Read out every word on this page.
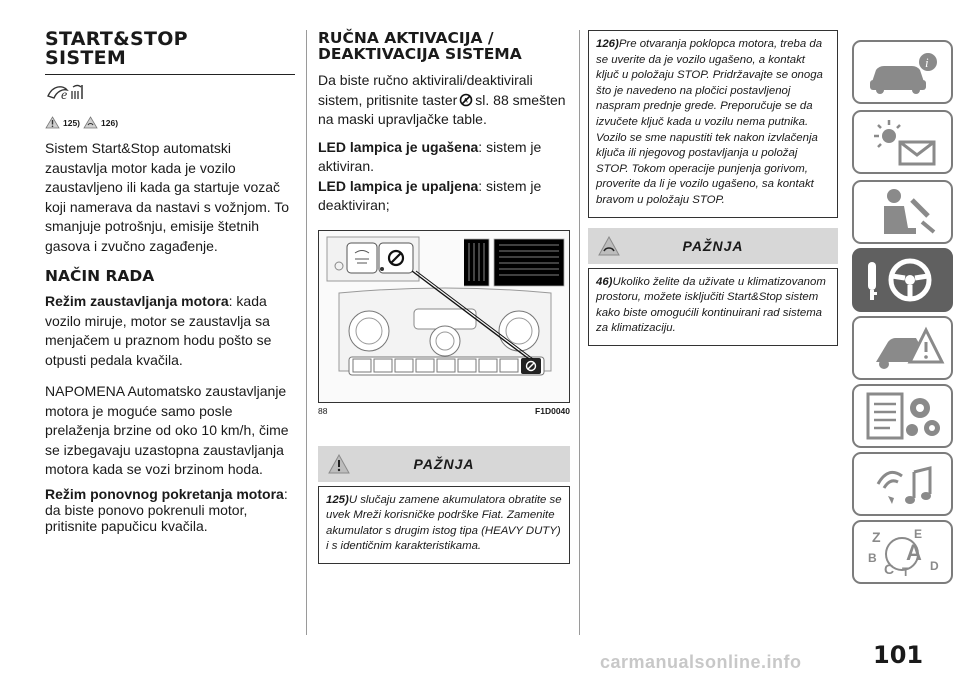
START&STOP
SISTEM
e
125) 126)

Sistem Start&Stop automatski zaustavlja motor kada je vozilo zaustavljeno ili kada ga startuje vozač koji namerava da nastavi s vožnjom. To smanjuje potrošnju, emisije štetnih gasova i zvučno zagađenje.

NAČIN RADA

Režim zaustavljanja motora: kada vozilo miruje, motor se zaustavlja sa menjačem u praznom hodu pošto se otpusti pedala kvačila.

NAPOMENA Automatsko zaustavljanje motora je moguće samo posle prelaženja brzine od oko 10 km/h, čime se izbegavaju uzastopna zaustavljanja motora kada se vozi brzinom hoda.

Režim ponovnog pokretanja motora: da biste ponovo pokrenuli motor, pritisnite papučicu kvačila.

RUČNA AKTIVACIJA /
DEAKTIVACIJA SISTEMA

Da biste ručno aktivirali/deaktivirali sistem, pritisnite taster A sl. 88 smešten na maski upravljačke table.

LED lampica je ugašena: sistem je aktiviran.

LED lampica je upaljena: sistem je deaktiviran;

88	F1D0040
PAŽNJA
125)U slučaju zamene akumulatora obratite se uvek Mreži korisničke podrške Fiat. Zamenite akumulator s drugim istog tipa (HEAVY DUTY) i s identičnim karakteristikama.
126)Pre otvaranja poklopca motora, treba da se uverite da je vozilo ugašeno, a kontakt ključ u položaju STOP. Pridržavajte se onoga što je navedeno na pločici postavljenoj naspram prednje grede. Preporučuje se da izvučete ključ kada u vozilu nema putnika. Vozilo se sme napustiti tek nakon izvlačenja ključa ili njegovog postavljanja u položaj STOP. Tokom operacije punjenja gorivom, proverite da li je vozilo ugašeno, sa kontakt bravom u položaju STOP.
PAŽNJA
46)Ukoliko želite da uživate u klimatizovanom prostoru, možete isključiti Start&Stop sistem kako biste omogućili kontinuirani rad sistema za klimatizaciju.
i
Z	E
B
C T
A
D
101
carmanualsonline.info
